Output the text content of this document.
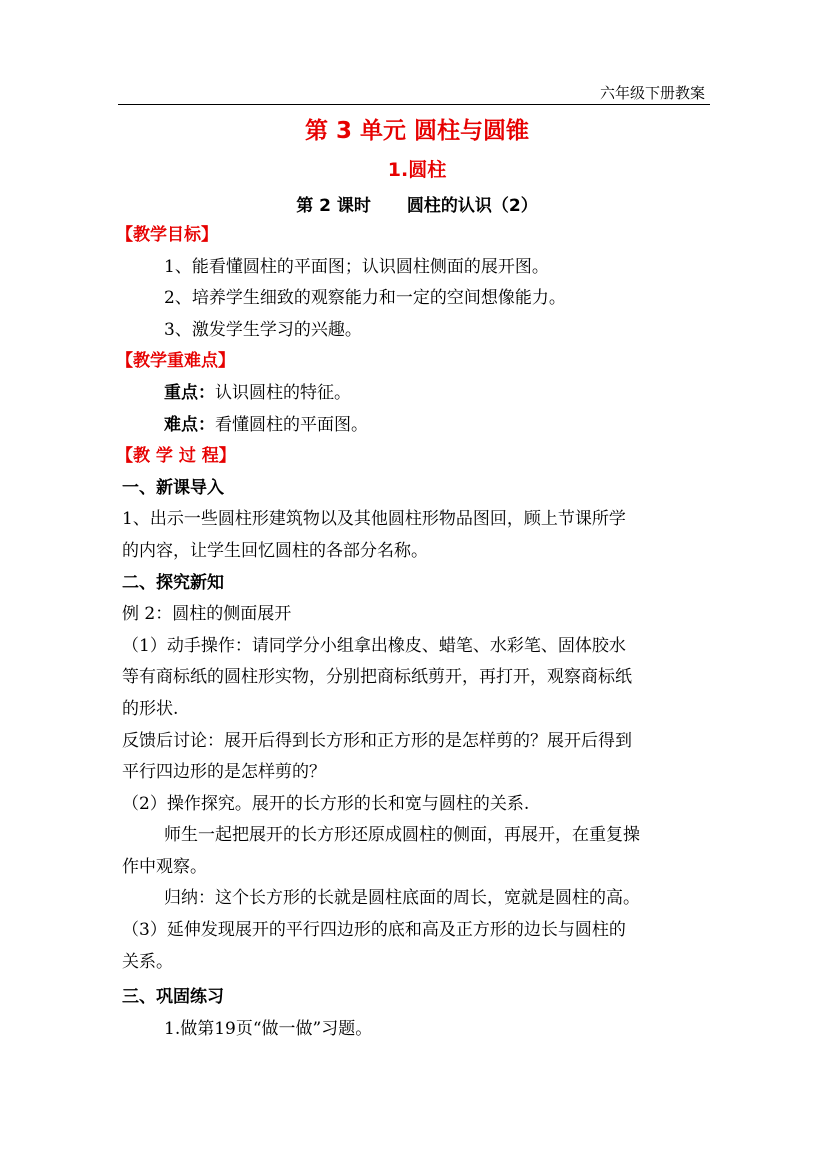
六年级下册教案
第 3 单元 圆柱与圆锥
1.圆柱
第 2 课时 圆柱的认识（2）

【教学目标】

1、能看懂圆柱的平面图；认识圆柱侧面的展开图。

2、培养学生细致的观察能力和一定的空间想像能力。

3、激发学生学习的兴趣。

【教学重难点】

重点：认识圆柱的特征。

难点：看懂圆柱的平面图。

【教 学 过 程】

一、新课导入

1、出示一些圆柱形建筑物以及其他圆柱形物品图回，顾上节课所学

的内容，让学生回忆圆柱的各部分名称。

二、探究新知

例 2：圆柱的侧面展开

（1）动手操作：请同学分小组拿出橡皮、蜡笔、水彩笔、固体胶水

等有商标纸的圆柱形实物，分别把商标纸剪开，再打开，观察商标纸

的形状.

反馈后讨论：展开后得到长方形和正方形的是怎样剪的？展开后得到

平行四边形的是怎样剪的？

（2）操作探究。展开的长方形的长和宽与圆柱的关系.

师生一起把展开的长方形还原成圆柱的侧面，再展开，在重复操

作中观察。

归纳：这个长方形的长就是圆柱底面的周长，宽就是圆柱的高。

（3）延伸发现展开的平行四边形的底和高及正方形的边长与圆柱的

关系。

三、巩固练习

1.做第19页“做一做”习题。
